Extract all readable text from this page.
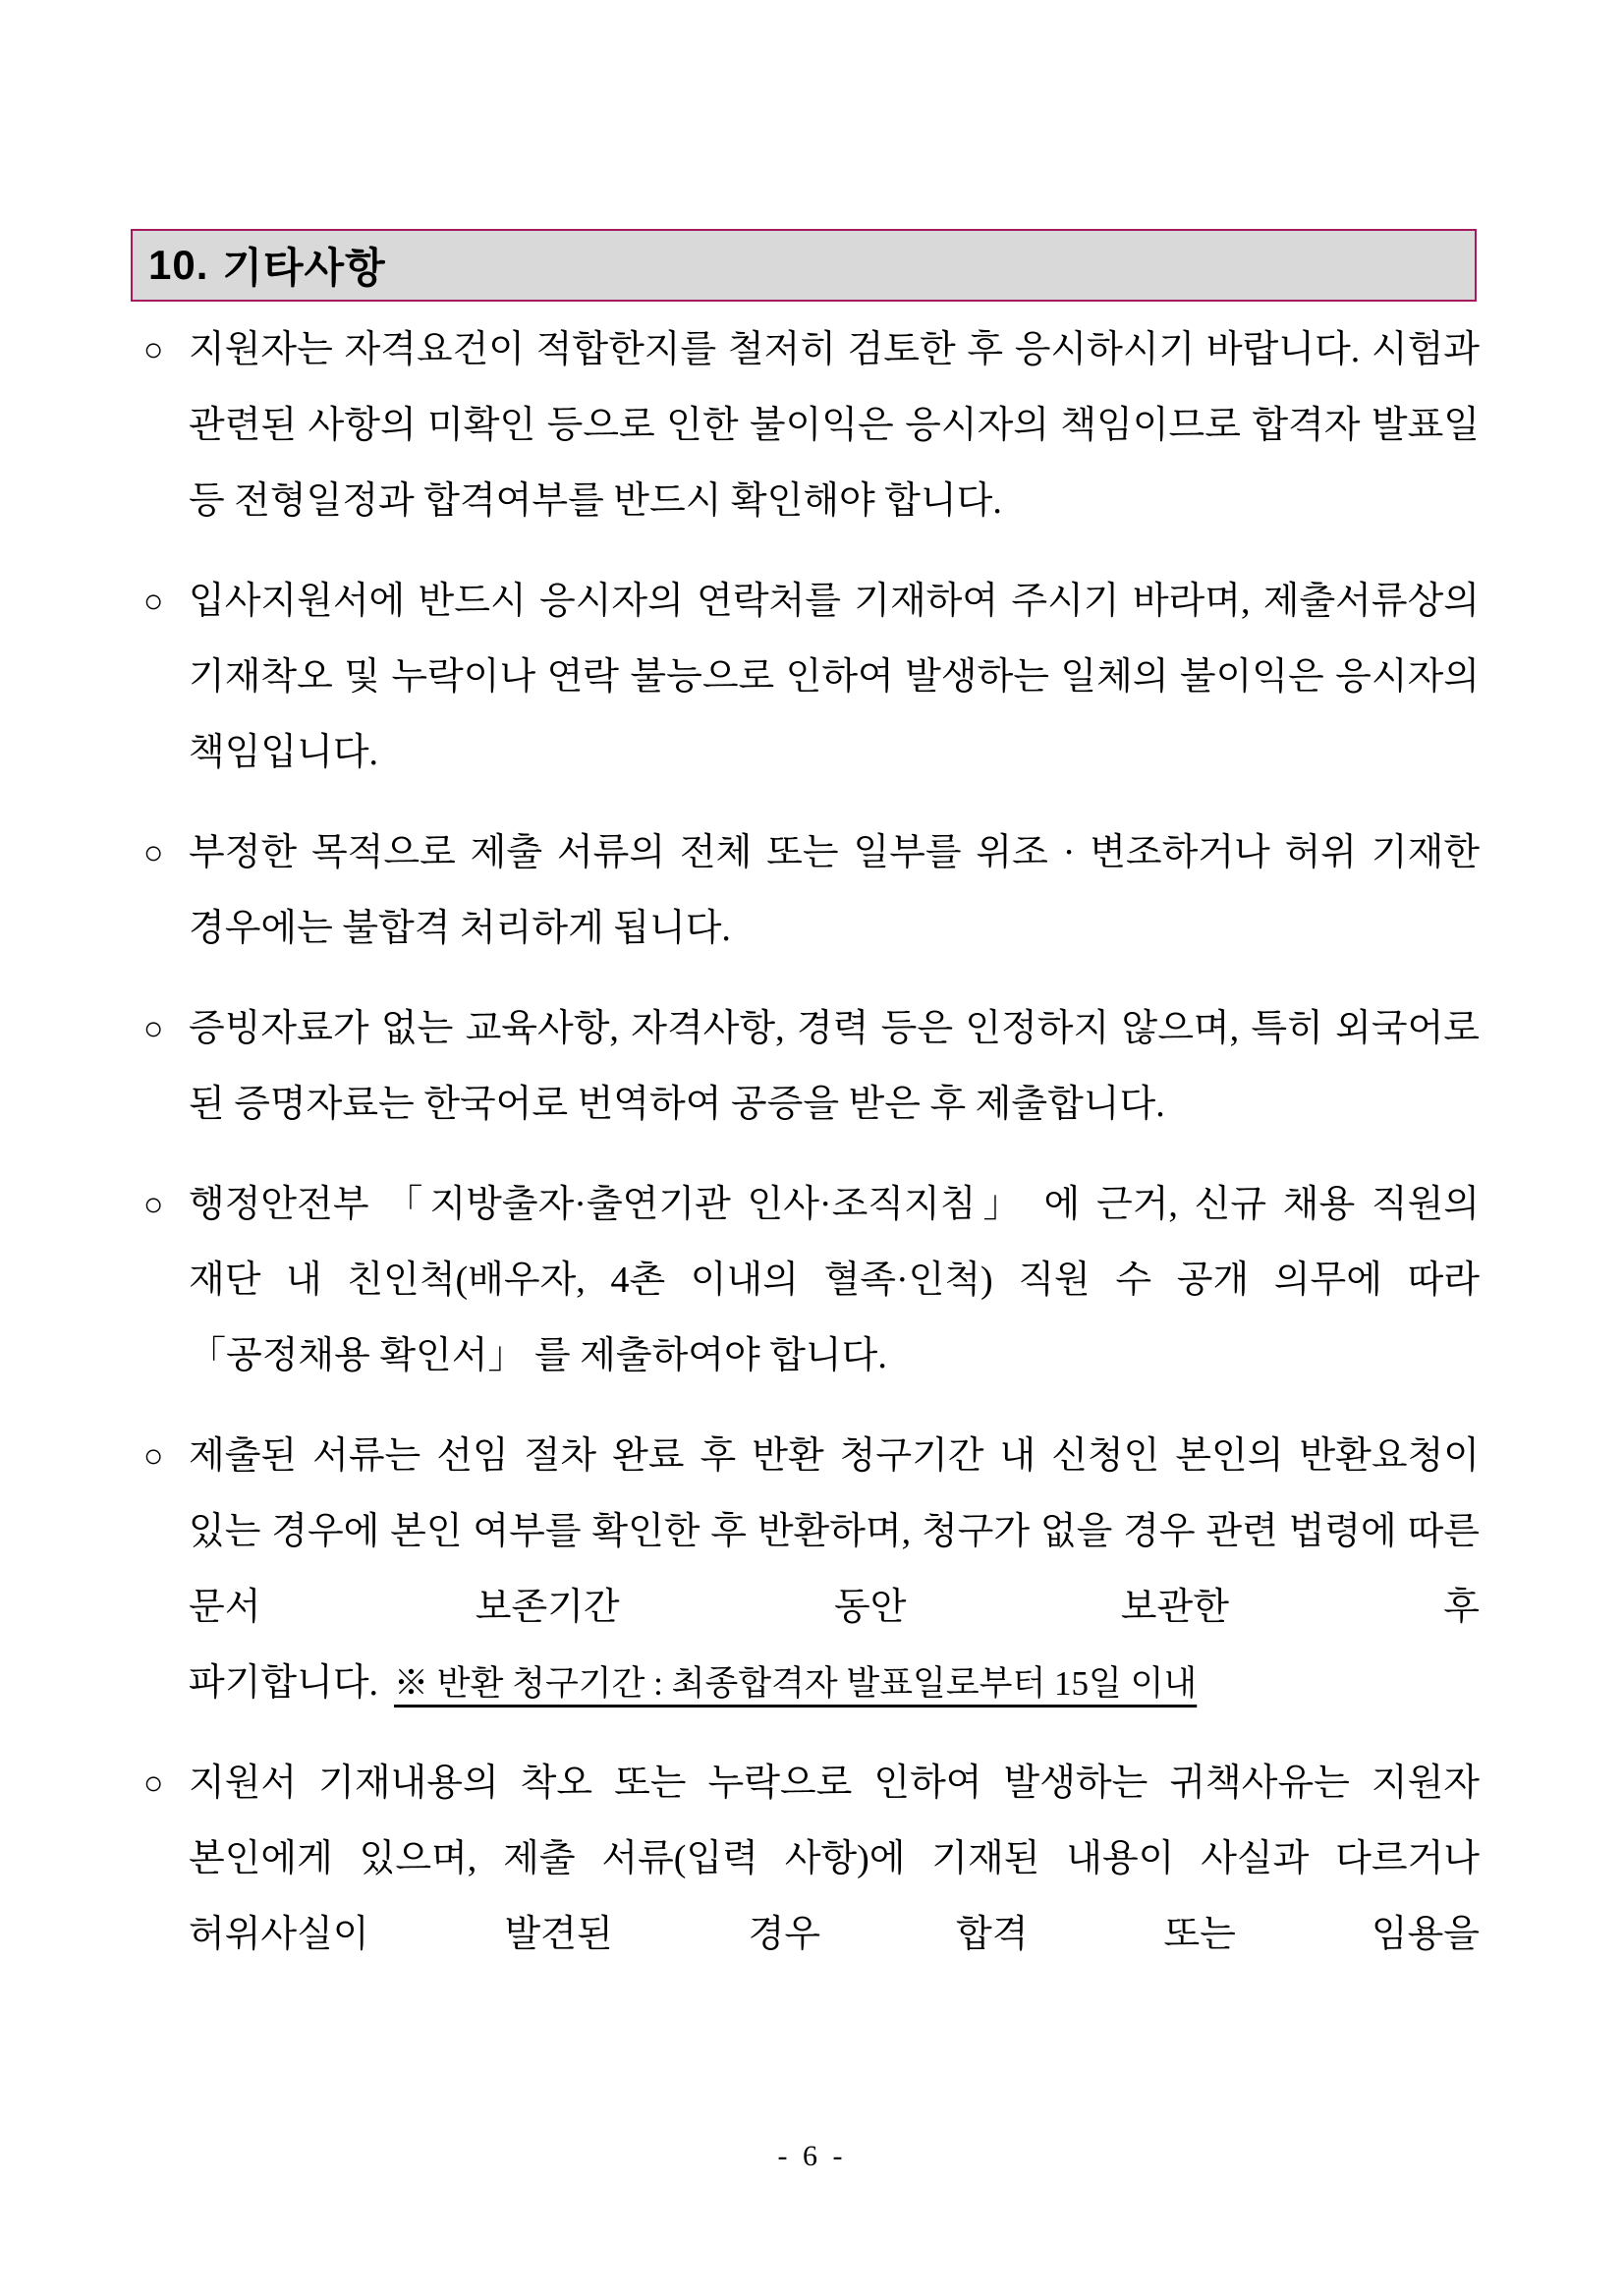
10. 기타사항
○ 지원자는 자격요건이 적합한지를 철저히 검토한 후 응시하시기 바랍니다. 시험과 관련된 사항의 미확인 등으로 인한 불이익은 응시자의 책임이므로 합격자 발표일 등 전형일정과 합격여부를 반드시 확인해야 합니다.
○ 입사지원서에 반드시 응시자의 연락처를 기재하여 주시기 바라며, 제출서류상의 기재착오 및 누락이나 연락 불능으로 인하여 발생하는 일체의 불이익은 응시자의 책임입니다.
○ 부정한 목적으로 제출 서류의 전체 또는 일부를 위조 · 변조하거나 허위 기재한 경우에는 불합격 처리하게 됩니다.
○ 증빙자료가 없는 교육사항, 자격사항, 경력 등은 인정하지 않으며, 특히 외국어로 된 증명자료는 한국어로 번역하여 공증을 받은 후 제출합니다.
○ 행정안전부 「지방출자·출연기관 인사·조직지침」 에 근거, 신규 채용 직원의 재단 내 친인척(배우자, 4촌 이내의 혈족·인척) 직원 수 공개 의무에 따라 「공정채용 확인서」 를 제출하여야 합니다.
○ 제출된 서류는 선임 절차 완료 후 반환 청구기간 내 신청인 본인의 반환요청이 있는 경우에 본인 여부를 확인한 후 반환하며, 청구가 없을 경우 관련 법령에 따른 문서 보존기간 동안 보관한 후 파기합니다. ※ 반환 청구기간 : 최종합격자 발표일로부터 15일 이내
○ 지원서 기재내용의 착오 또는 누락으로 인하여 발생하는 귀책사유는 지원자 본인에게 있으며, 제출 서류(입력 사항)에 기재된 내용이 사실과 다르거나 허위사실이 발견된 경우 합격 또는 임용을
- 6 -
